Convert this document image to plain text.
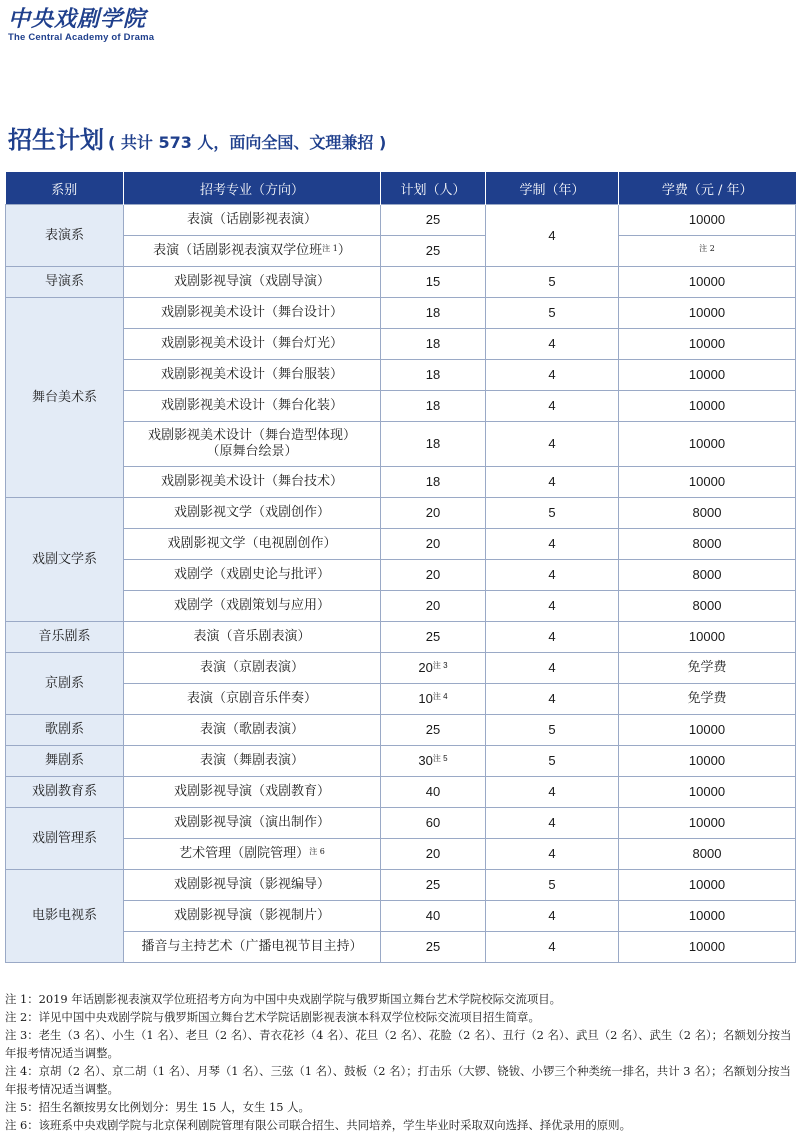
中央戏剧学院
The Central Academy of Drama
招生计划 ( 共计 573 人，面向全国、文理兼招 )
系别	招考专业（方向）	计划（人）	学制（年）	学费（元 / 年）
表演系	表演（话剧影视表演）	25	4	10000
	表演（话剧影视表演双学位班$^{注 1}$）	25		$^{注 2}$
导演系	戏剧影视导演（戏剧导演）	15	5	10000
舞台美术系	戏剧影视美术设计（舞台设计）	18	5	10000
	戏剧影视美术设计（舞台灯光）	18	4	10000
	戏剧影视美术设计（舞台服装）	18	4	10000
	戏剧影视美术设计（舞台化装）	18	4	10000

	戏剧影视美术设计（舞台造型体现）
（原舞台绘景）	18	4	10000
	戏剧影视美术设计（舞台技术）	18	4	10000
戏剧文学系	戏剧影视文学（戏剧创作）	20	5	8000
	戏剧影视文学（电视剧创作）	20	4	8000
	戏剧学（戏剧史论与批评）	20	4	8000
	戏剧学（戏剧策划与应用）	20	4	8000
音乐剧系	表演（音乐剧表演）	25	4	10000
京剧系	表演（京剧表演）	$20^{注 3}$	4	免学费
	表演（京剧音乐伴奏）	$10^{注 4}$	4	免学费
歌剧系	表演（歌剧表演）	25	5	10000
舞剧系	表演（舞剧表演）	$30^{注 5}$	5	10000
戏剧教育系	戏剧影视导演（戏剧教育）	40	4	10000
戏剧管理系	戏剧影视导演（演出制作）	60	4	10000
	艺术管理（剧院管理）$^{注 6}$	20	4	8000
电影电视系	戏剧影视导演（影视编导）	25	5	10000
	戏剧影视导演（影视制片）	40	4	10000
	播音与主持艺术（广播电视节目主持）	25	4	10000

注 1：2019 年话剧影视表演双学位班招考方向为中国中央戏剧学院与俄罗斯国立舞台艺术学院校际交流项目。

注 2：详见中国中央戏剧学院与俄罗斯国立舞台艺术学院话剧影视表演本科双学位校际交流项目招生简章。

注 3：老生（3 名）、小生（1 名）、老旦（2 名）、青衣花衫（4 名）、花旦（2 名）、花脸（2 名）、丑行（2 名）、武旦（2 名）、武生（2 名）；名额划分按当年报考情况适当调整。

注 4：京胡（2 名）、京二胡（1 名）、月琴（1 名）、三弦（1 名）、鼓板（2 名）；打击乐（大锣、铙钹、小锣三个种类统一排名，共计 3 名）；名额划分按当年报考情况适当调整。

注 5：招生名额按男女比例划分：男生 15 人，女生 15 人。

注 6：该班系中央戏剧学院与北京保利剧院管理有限公司联合招生、共同培养，学生毕业时采取双向选择、择优录用的原则。
